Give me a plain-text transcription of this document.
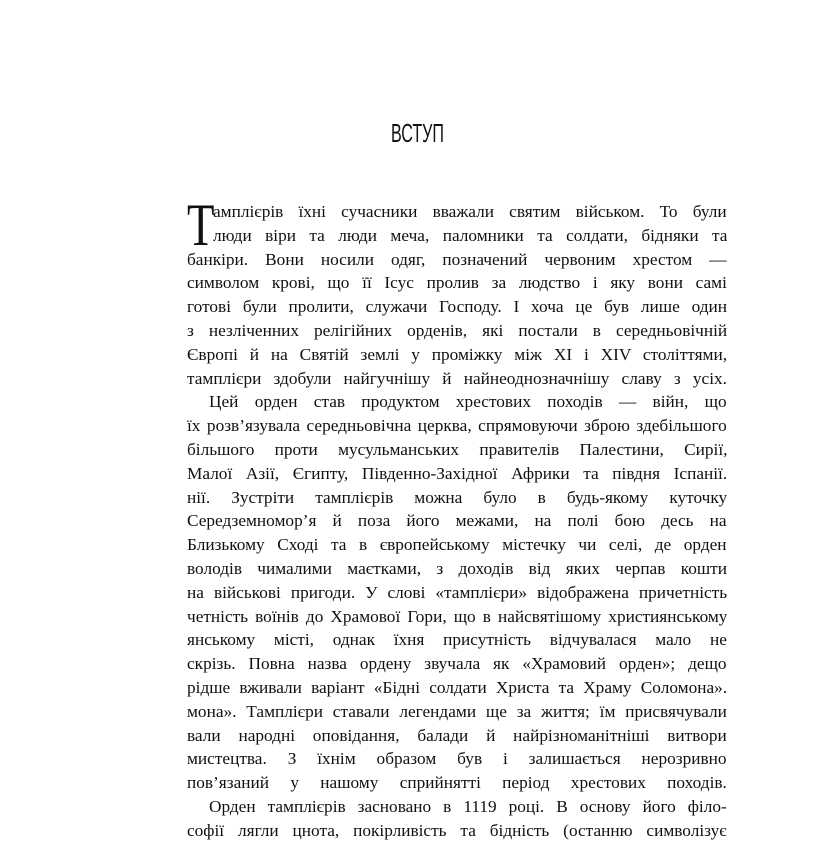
ВСТУП
Т
амплієрів їхні сучасники вважали святим військом. То були
люди віри та люди меча, паломники та солдати, бідняки та
банкіри. Вони носили одяг, позначений червоним хрестом —
символом крові, що її Ісус пролив за людство і яку вони самі
готові були пролити, служачи Господу. І хоча це був лише один
з незліченних релігійних орденів, які постали в середньовічній
Європі й на Святій землі у проміжку між XI і XIV століттями,
тамплієри здобули найгучнішу й найнеоднозначнішу славу з усіх.
Цей орден став продуктом хрестових походів — війн, що
їх розв’язувала середньовічна церква, спрямовуючи зброю здебільшого
більшого проти мусульманських правителів Палестини, Сирії,
Малої Азії, Єгипту, Південно-Західної Африки та півдня Іспанії.
нії. Зустріти тамплієрів можна було в будь-якому куточку
Середземномор’я й поза його межами, на полі бою десь на
Близькому Сході та в європейському містечку чи селі, де орден
володів чималими маєтками, з доходів від яких черпав кошти
на військові пригоди. У слові «тамплієри» відображена причетність
четність воїнів до Храмової Гори, що в найсвятішому християнському
янському місті, однак їхня присутність відчувалася мало не
скрізь. Повна назва ордену звучала як «Храмовий орден»; дещо
рідше вживали варіант «Бідні солдати Христа та Храму Соломона».
мона». Тамплієри ставали легендами ще за життя; їм присвячували
вали народні оповідання, балади й найрізноманітніші витвори
мистецтва. З їхнім образом був і залишається нерозривно
пов’язаний у нашому сприйнятті період хрестових походів.
Орден тамплієрів засновано в 1119 році. В основу його філо-
софії лягли цнота, покірливість та бідність (останню символізує
